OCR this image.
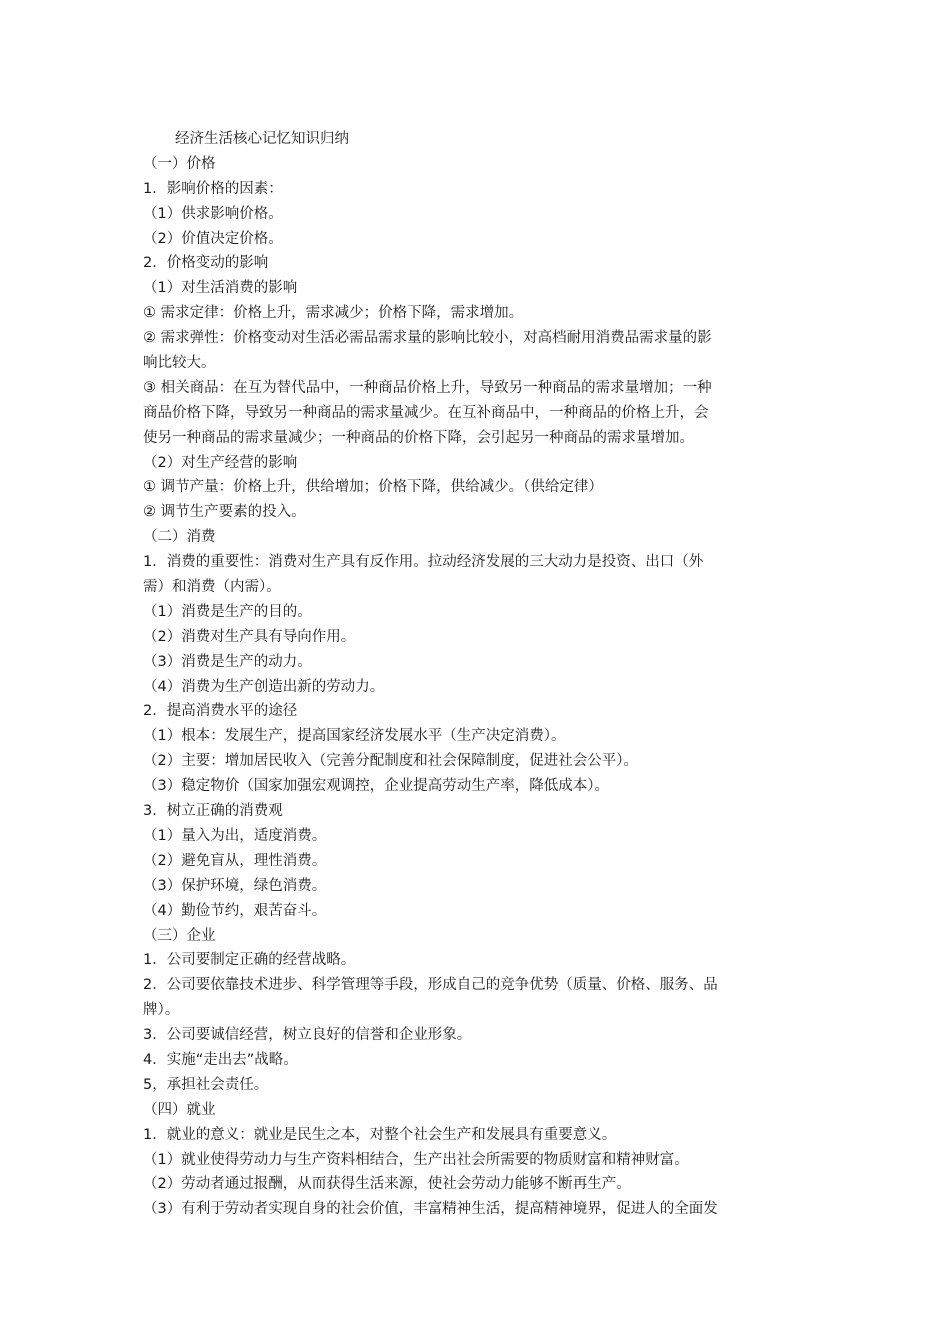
经济生活核心记忆知识归纳
（一）价格
1．影响价格的因素：
（1）供求影响价格。
（2）价值决定价格。
2．价格变动的影响
（1）对生活消费的影响
① 需求定律：价格上升，需求减少；价格下降，需求增加。
② 需求弹性：价格变动对生活必需品需求量的影响比较小，对高档耐用消费品需求量的影
响比较大。
③ 相关商品：在互为替代品中，一种商品价格上升，导致另一种商品的需求量增加；一种
商品价格下降，导致另一种商品的需求量减少。在互补商品中，一种商品的价格上升，会
使另一种商品的需求量减少；一种商品的价格下降，会引起另一种商品的需求量增加。
（2）对生产经营的影响
① 调节产量：价格上升，供给增加；价格下降，供给减少。（供给定律）
② 调节生产要素的投入。
（二）消费
1．消费的重要性：消费对生产具有反作用。拉动经济发展的三大动力是投资、出口（外
需）和消费（内需）。
（1）消费是生产的目的。
（2）消费对生产具有导向作用。
（3）消费是生产的动力。
（4）消费为生产创造出新的劳动力。
2．提高消费水平的途径
（1）根本：发展生产，提高国家经济发展水平（生产决定消费）。
（2）主要：增加居民收入（完善分配制度和社会保障制度，促进社会公平）。
（3）稳定物价（国家加强宏观调控，企业提高劳动生产率，降低成本）。
3．树立正确的消费观
（1）量入为出，适度消费。
（2）避免盲从，理性消费。
（3）保护环境，绿色消费。
（4）勤俭节约，艰苦奋斗。
（三）企业
1．公司要制定正确的经营战略。
2．公司要依靠技术进步、科学管理等手段，形成自己的竞争优势（质量、价格、服务、品
牌）。
3．公司要诚信经营，树立良好的信誉和企业形象。
4．实施“走出去”战略。
5，承担社会责任。
（四）就业
1．就业的意义：就业是民生之本，对整个社会生产和发展具有重要意义。
（1）就业使得劳动力与生产资料相结合，生产出社会所需要的物质财富和精神财富。
（2）劳动者通过报酬，从而获得生活来源，使社会劳动力能够不断再生产。
（3）有利于劳动者实现自身的社会价值，丰富精神生活，提高精神境界，促进人的全面发
